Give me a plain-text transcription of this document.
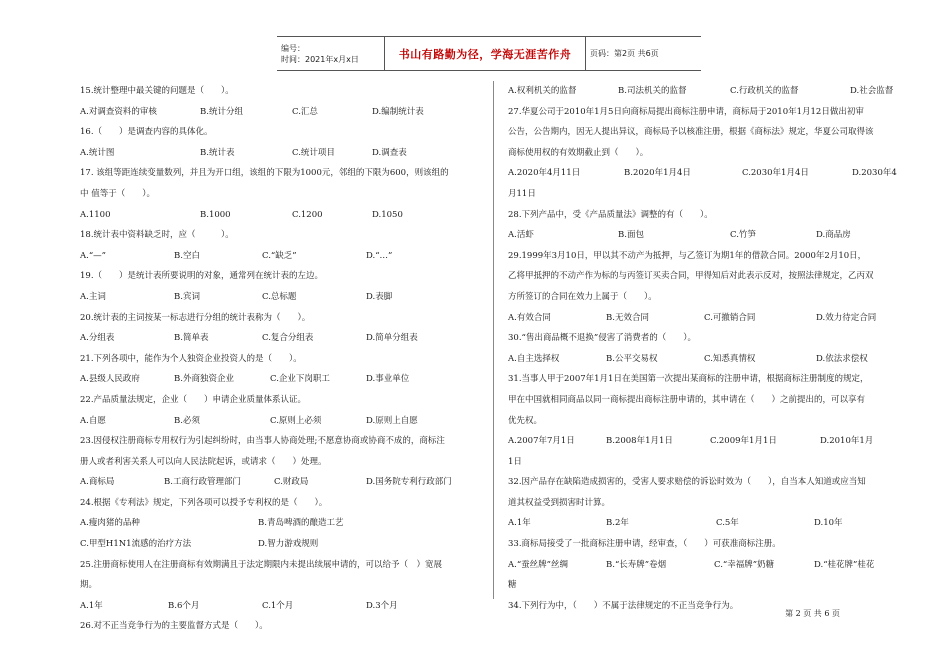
编号：
时间：2021年x月x日	书山有路勤为径，学海无涯苦作舟 页码：第2页 共6页
15.统计整理中最关键的问题是（　　）。
A.对调查资料的审核	B.统计分组	C.汇总	D.编制统计表
16.（　　）是调查内容的具体化。
A.统计图	B.统计表	C.统计项目	D.调查表
17. 该组等距连续变量数列，并且为开口组，该组的下限为1000元，邻组的下限为600，则该组的
中 值等于（　　）。
A.1100	B.1000	C.1200	D.1050
18.统计表中资料缺乏时，应（　　　）。
A.“—”	B.空白	C.“缺乏”	D.“…”
19.（　　）是统计表所要说明的对象，通常列在统计表的左边。
A.主词	B.宾词	C.总标题	D.表脚
20.统计表的主词按某一标志进行分组的统计表称为（　　）。
A.分组表	B.简单表	C.复合分组表	D.简单分组表
21.下列各项中，能作为个人独资企业投资人的是（　　）。
A.县级人民政府	B.外商独资企业	C.企业下岗职工	D.事业单位
22.产品质量法规定，企业（　　）申请企业质量体系认证。
A.自愿	B.必须	C.原则上必须	D.原则上自愿
23.因侵权注册商标专用权行为引起纠纷时，由当事人协商处理;不愿意协商或协商不成的，商标注
册人或者利害关系人可以向人民法院起诉，或请求（　　）处理。
A.商标局	B.工商行政管理部门	C.财政局	D.国务院专利行政部门
24.根据《专利法》规定，下列各项可以授予专利权的是（　　）。
A.瘦肉猪的品种	B.青岛啤酒的酿造工艺
C.甲型H1N1流感的治疗方法	D.智力游戏规则
25.注册商标使用人在注册商标有效期满且于法定期限内未提出续展申请的，可以给予（　）宽展
期。
A.1年	B.6个月	C.1个月	D.3个月
26.对不正当竞争行为的主要监督方式是（　　）。
A.权利机关的监督	B.司法机关的监督	C.行政机关的监督	D.社会监督
27.华夏公司于2010年1月5日向商标局提出商标注册申请，商标局于2010年1月12日做出初审
公告，公告期内，因无人提出异议，商标局予以核准注册，根据《商标法》规定，华夏公司取得该
商标使用权的有效期截止到（　　）。
A.2020年4月11日	B.2020年1月4日	C.2030年1月4日	D.2030年4
月11日
28.下列产品中，受《产品质量法》调整的有（　　）。
A.活虾	B.面包	C.竹笋	D.商品房
29.1999年3月10日，甲以其不动产为抵押，与乙签订为期1年的借款合同。2000年2月10日，
乙将甲抵押的不动产作为标的与丙签订买卖合同，甲得知后对此表示反对，按照法律规定，乙丙双
方所签订的合同在效力上属于（　　）。
A.有效合同	B.无效合同	C.可撤销合同	D.效力待定合同
30.“售出商品概不退换”侵害了消费者的（　　）。
A.自主选择权	B.公平交易权	C.知悉真情权	D.依法求偿权
31.当事人甲于2007年1月1日在美国第一次提出某商标的注册申请，根据商标注册制度的规定，
甲在中国就相同商品以同一商标提出商标注册申请的，其申请在（　　）之前提出的，可以享有
优先权。
A.2007年7月1日	B.2008年1月1日	C.2009年1月1日	D.2010年1月
1日
32.因产品存在缺陷造成损害的，受害人要求赔偿的诉讼时效为（　　），自当本人知道或应当知
道其权益受到损害时计算。
A.1年	B.2年	C.5年	D.10年
33.商标局接受了一批商标注册申请，经审查，（　　）可获准商标注册。
A.“蚕丝牌”丝绸	B.“长寿牌”卷烟	C.“幸福牌”奶糖	D.“桂花牌”桂花
糖
34.下列行为中，（　　）不属于法律规定的不正当竞争行为。
第 2 页 共 6 页
